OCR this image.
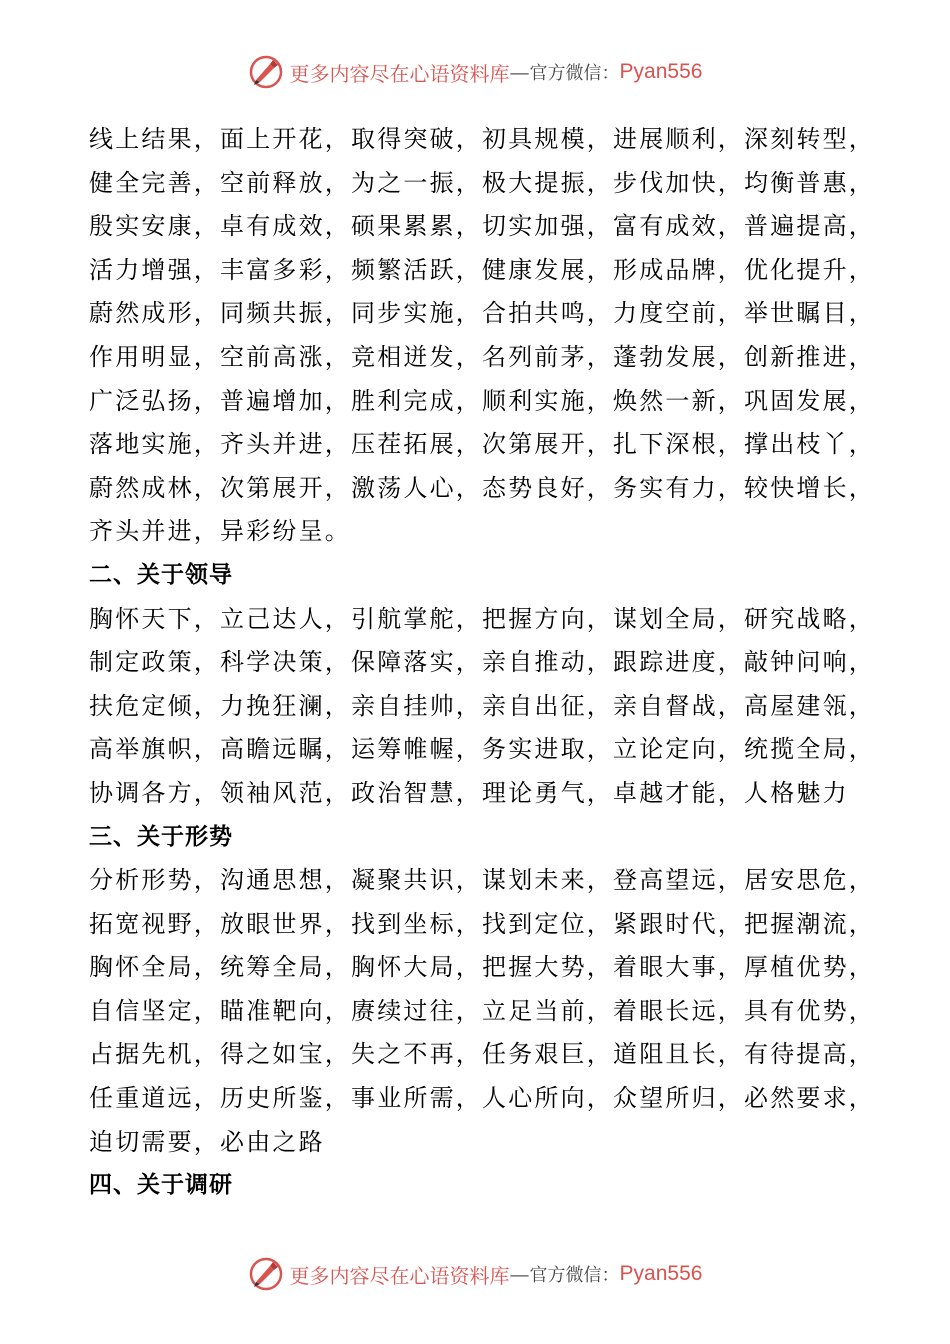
更多内容尽在心语资料库 — 官方微信： Pyan556
线上结果，面上开花，取得突破，初具规模，进展顺利，深刻转型，
健全完善，空前释放，为之一振，极大提振，步伐加快，均衡普惠，
殷实安康，卓有成效，硕果累累，切实加强，富有成效，普遍提高，
活力增强，丰富多彩，频繁活跃，健康发展，形成品牌，优化提升，
蔚然成形，同频共振，同步实施，合拍共鸣，力度空前，举世瞩目，
作用明显，空前高涨，竞相迸发，名列前茅，蓬勃发展，创新推进，
广泛弘扬，普遍增加，胜利完成，顺利实施，焕然一新，巩固发展，
落地实施，齐头并进，压茬拓展，次第展开，扎下深根，撑出枝丫，
蔚然成林，次第展开，激荡人心，态势良好，务实有力，较快增长，
齐头并进，异彩纷呈。
二、关于领导
胸怀天下，立己达人，引航掌舵，把握方向，谋划全局，研究战略，
制定政策，科学决策，保障落实，亲自推动，跟踪进度，敲钟问响，
扶危定倾，力挽狂澜，亲自挂帅，亲自出征，亲自督战，高屋建瓴，
高举旗帜，高瞻远瞩，运筹帷幄，务实进取，立论定向，统揽全局，
协调各方，领袖风范，政治智慧，理论勇气，卓越才能，人格魅力
三、关于形势
分析形势，沟通思想，凝聚共识，谋划未来，登高望远，居安思危，
拓宽视野，放眼世界，找到坐标，找到定位，紧跟时代，把握潮流，
胸怀全局，统筹全局，胸怀大局，把握大势，着眼大事，厚植优势，
自信坚定，瞄准靶向，赓续过往，立足当前，着眼长远，具有优势，
占据先机，得之如宝，失之不再，任务艰巨，道阻且长，有待提高，
任重道远，历史所鉴，事业所需，人心所向，众望所归，必然要求，
迫切需要，必由之路
四、关于调研
更多内容尽在心语资料库 — 官方微信： Pyan556
